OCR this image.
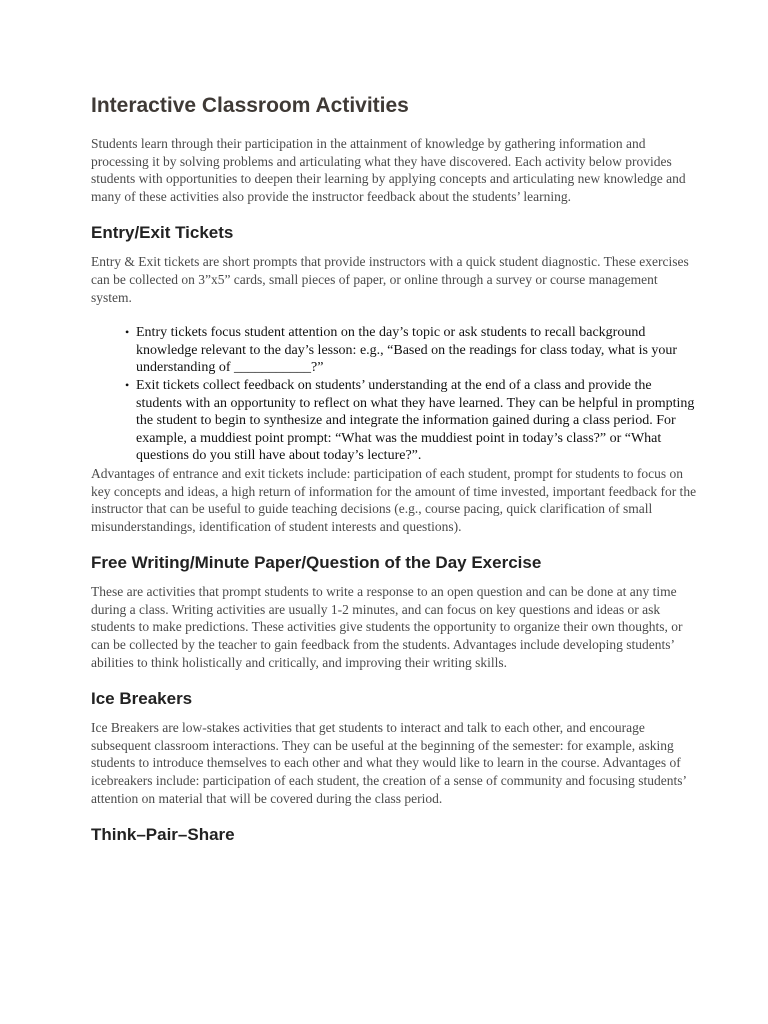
Interactive Classroom Activities

Students learn through their participation in the attainment of knowledge by gathering information and processing it by solving problems and articulating what they have discovered. Each activity below provides students with opportunities to deepen their learning by applying concepts and articulating new knowledge and many of these activities also provide the instructor feedback about the students’ learning.

Entry/Exit Tickets

Entry & Exit tickets are short prompts that provide instructors with a quick student diagnostic. These exercises can be collected on 3”x5” cards, small pieces of paper, or online through a survey or course management system.

• Entry tickets focus student attention on the day’s topic or ask students to recall background knowledge relevant to the day’s lesson: e.g., “Based on the readings for class today, what is your understanding of ___________?”
• Exit tickets collect feedback on students’ understanding at the end of a class and provide the students with an opportunity to reflect on what they have learned. They can be helpful in prompting the student to begin to synthesize and integrate the information gained during a class period. For example, a muddiest point prompt: “What was the muddiest point in today’s class?” or “What questions do you still have about today’s lecture?”.

Advantages of entrance and exit tickets include: participation of each student, prompt for students to focus on key concepts and ideas, a high return of information for the amount of time invested, important feedback for the instructor that can be useful to guide teaching decisions (e.g., course pacing, quick clarification of small misunderstandings, identification of student interests and questions).

Free Writing/Minute Paper/Question of the Day Exercise

These are activities that prompt students to write a response to an open question and can be done at any time during a class. Writing activities are usually 1-2 minutes, and can focus on key questions and ideas or ask students to make predictions. These activities give students the opportunity to organize their own thoughts, or can be collected by the teacher to gain feedback from the students. Advantages include developing students’ abilities to think holistically and critically, and improving their writing skills.

Ice Breakers

Ice Breakers are low-stakes activities that get students to interact and talk to each other, and encourage subsequent classroom interactions. They can be useful at the beginning of the semester: for example, asking students to introduce themselves to each other and what they would like to learn in the course. Advantages of icebreakers include: participation of each student, the creation of a sense of community and focusing students’ attention on material that will be covered during the class period.

Think–Pair–Share
